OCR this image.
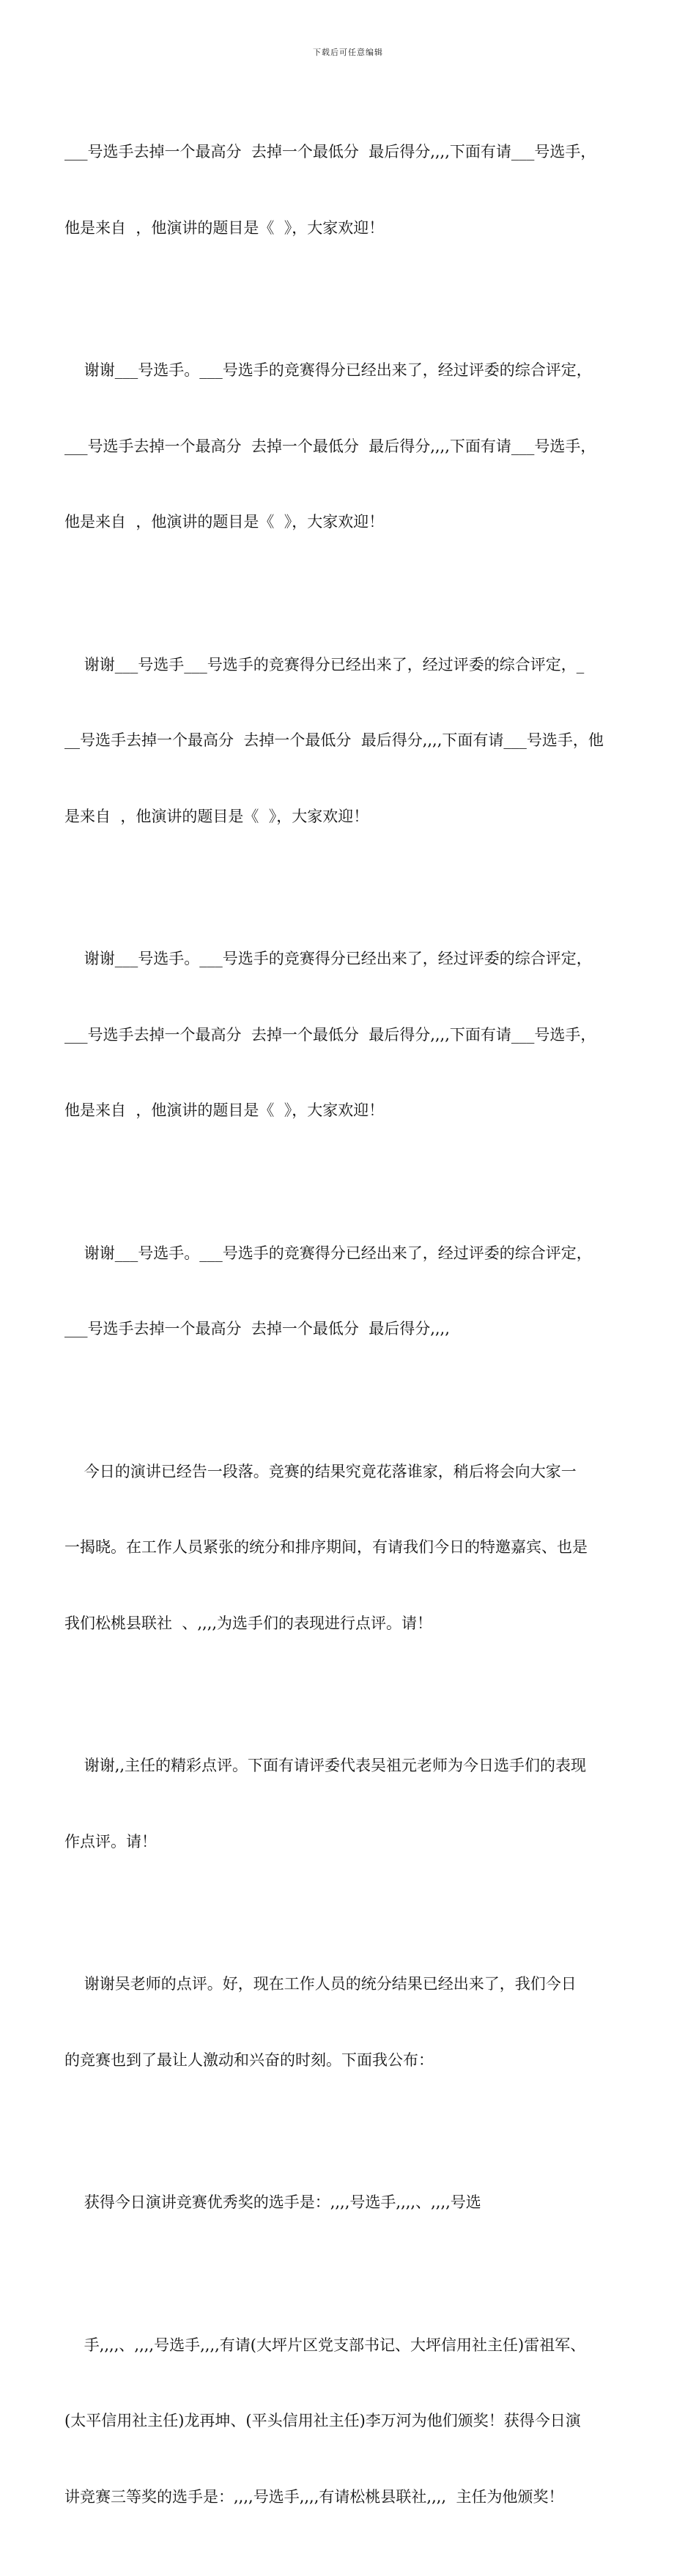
下载后可任意编辑

___号选手去掉一个最高分  去掉一个最低分  最后得分,,,,下面有请___号选手，

他是来自  ，他演讲的题目是《  》，大家欢迎！

谢谢___号选手。___号选手的竞赛得分已经出来了，经过评委的综合评定，

___号选手去掉一个最高分  去掉一个最低分  最后得分,,,,下面有请___号选手，

他是来自  ，他演讲的题目是《  》，大家欢迎！

谢谢___号选手___号选手的竞赛得分已经出来了，经过评委的综合评定，_

__号选手去掉一个最高分  去掉一个最低分  最后得分,,,,下面有请___号选手，他

是来自  ，他演讲的题目是《  》，大家欢迎！

谢谢___号选手。___号选手的竞赛得分已经出来了，经过评委的综合评定，

___号选手去掉一个最高分  去掉一个最低分  最后得分,,,,下面有请___号选手，

他是来自  ，他演讲的题目是《  》，大家欢迎！

谢谢___号选手。___号选手的竞赛得分已经出来了，经过评委的综合评定，

___号选手去掉一个最高分  去掉一个最低分  最后得分,,,,

今日的演讲已经告一段落。竞赛的结果究竟花落谁家，稍后将会向大家一

一揭晓。在工作人员紧张的统分和排序期间，有请我们今日的特邀嘉宾、也是

我们松桃县联社  、,,,,为选手们的表现进行点评。请！

谢谢,,主任的精彩点评。下面有请评委代表吴祖元老师为今日选手们的表现

作点评。请！

谢谢吴老师的点评。好，现在工作人员的统分结果已经出来了，我们今日

的竞赛也到了最让人激动和兴奋的时刻。下面我公布：

获得今日演讲竞赛优秀奖的选手是：,,,,号选手,,,,、,,,,号选

手,,,,、,,,,号选手,,,,有请(大坪片区党支部书记、大坪信用社主任)雷祖军、

(太平信用社主任)龙再坤、(平头信用社主任)李万河为他们颁奖！获得今日演

讲竞赛三等奖的选手是：,,,,号选手,,,,有请松桃县联社,,,,  主任为他颁奖！
